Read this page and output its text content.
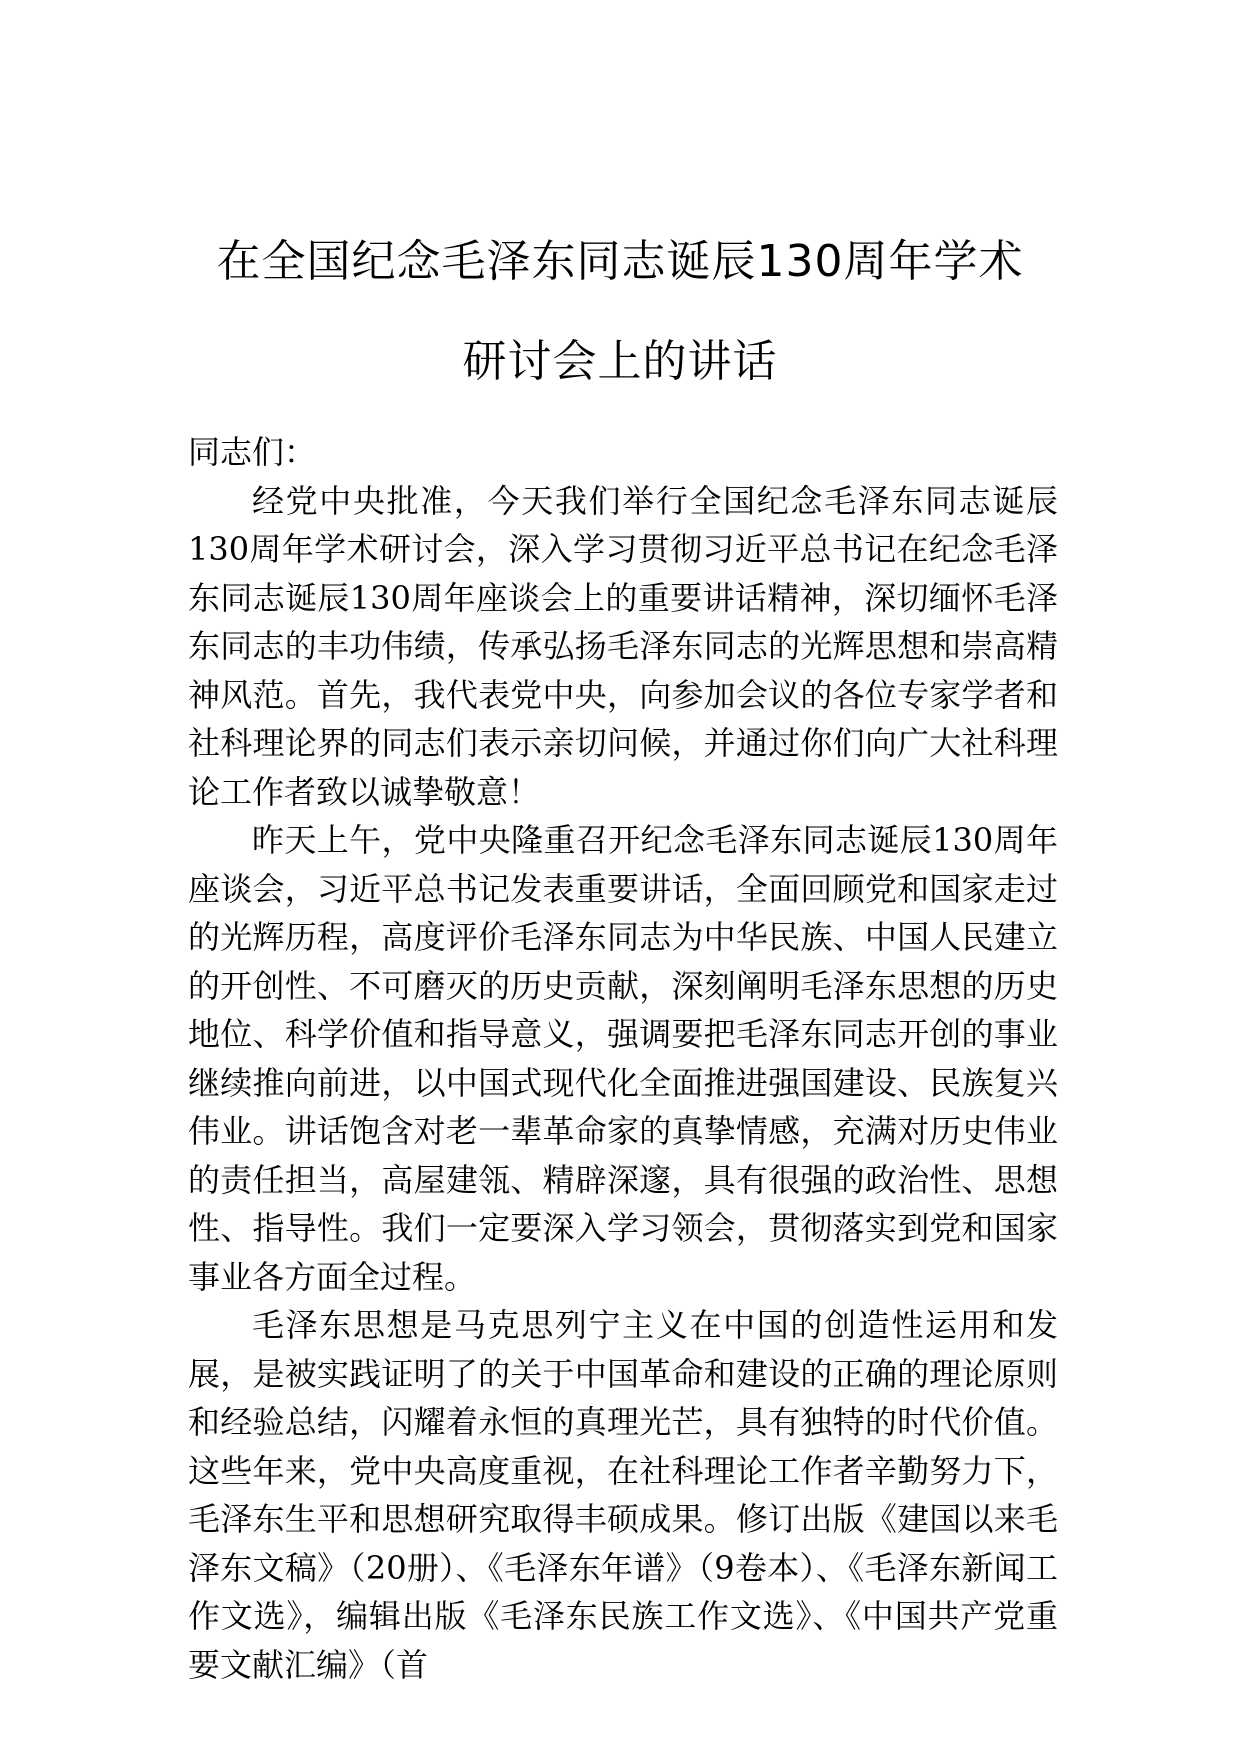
在全国纪念毛泽东同志诞辰130周年学术
研讨会上的讲话

同志们：

经党中央批准，今天我们举行全国纪念毛泽东同志诞辰130周年学术研讨会，深入学习贯彻习近平总书记在纪念毛泽东同志诞辰130周年座谈会上的重要讲话精神，深切缅怀毛泽东同志的丰功伟绩，传承弘扬毛泽东同志的光辉思想和崇高精神风范。首先，我代表党中央，向参加会议的各位专家学者和社科理论界的同志们表示亲切问候，并通过你们向广大社科理论工作者致以诚挚敬意！

昨天上午，党中央隆重召开纪念毛泽东同志诞辰130周年座谈会，习近平总书记发表重要讲话，全面回顾党和国家走过的光辉历程，高度评价毛泽东同志为中华民族、中国人民建立的开创性、不可磨灭的历史贡献，深刻阐明毛泽东思想的历史地位、科学价值和指导意义，强调要把毛泽东同志开创的事业继续推向前进，以中国式现代化全面推进强国建设、民族复兴伟业。讲话饱含对老一辈革命家的真挚情感，充满对历史伟业的责任担当，高屋建瓴、精辟深邃，具有很强的政治性、思想性、指导性。我们一定要深入学习领会，贯彻落实到党和国家事业各方面全过程。

毛泽东思想是马克思列宁主义在中国的创造性运用和发展，是被实践证明了的关于中国革命和建设的正确的理论原则和经验总结，闪耀着永恒的真理光芒，具有独特的时代价值。这些年来，党中央高度重视，在社科理论工作者辛勤努力下，毛泽东生平和思想研究取得丰硕成果。修订出版《建国以来毛泽东文稿》（20册）、《毛泽东年谱》（9卷本）、《毛泽东新闻工作文选》，编辑出版《毛泽东民族工作文选》、《中国共产党重要文献汇编》（首
